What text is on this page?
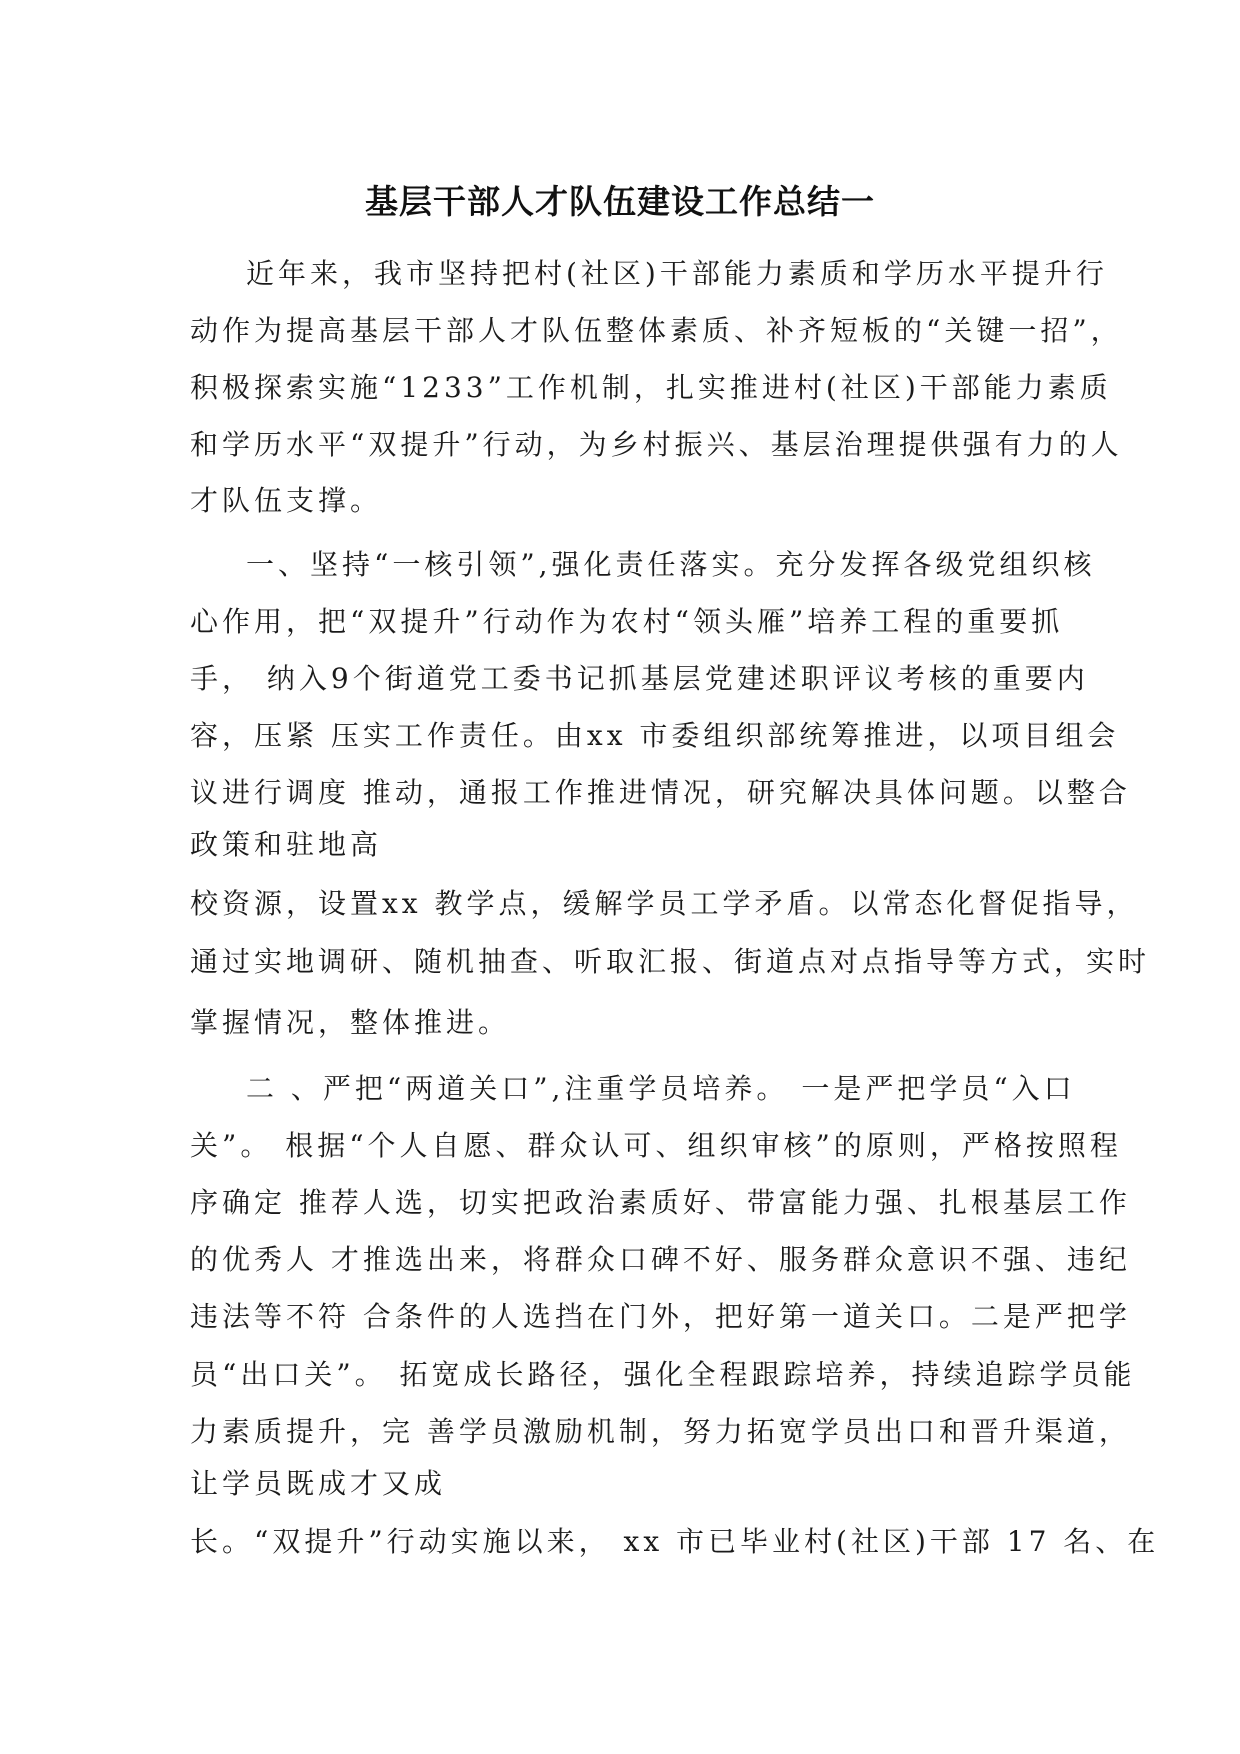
基层干部人才队伍建设工作总结一
近年来，我市坚持把村(社区)干部能力素质和学历水平提升行
动作为提高基层干部人才队伍整体素质、补齐短板的“关键一招”，
积极探索实施“1233”工作机制，扎实推进村(社区)干部能力素质
和学历水平“双提升”行动，为乡村振兴、基层治理提供强有力的人
才队伍支撑。
一、坚持“一核引领”,强化责任落实。充分发挥各级党组织核
心作用，把“双提升”行动作为农村“领头雁”培养工程的重要抓
手， 纳入9个街道党工委书记抓基层党建述职评议考核的重要内
容，压紧 压实工作责任。由xx 市委组织部统筹推进，以项目组会
议进行调度 推动，通报工作推进情况，研究解决具体问题。以整合
政策和驻地高
校资源，设置xx 教学点，缓解学员工学矛盾。以常态化督促指导，
通过实地调研、随机抽查、听取汇报、街道点对点指导等方式，实时
掌握情况，整体推进。
二 、严把“两道关口”,注重学员培养。 一是严把学员“入口
关”。 根据“个人自愿、群众认可、组织审核”的原则，严格按照程
序确定 推荐人选，切实把政治素质好、带富能力强、扎根基层工作
的优秀人 才推选出来，将群众口碑不好、服务群众意识不强、违纪
违法等不符 合条件的人选挡在门外，把好第一道关口。二是严把学
员“出口关”。 拓宽成长路径，强化全程跟踪培养，持续追踪学员能
力素质提升，完 善学员激励机制，努力拓宽学员出口和晋升渠道，
让学员既成才又成
长。“双提升”行动实施以来， xx 市已毕业村(社区)干部 17 名、在
